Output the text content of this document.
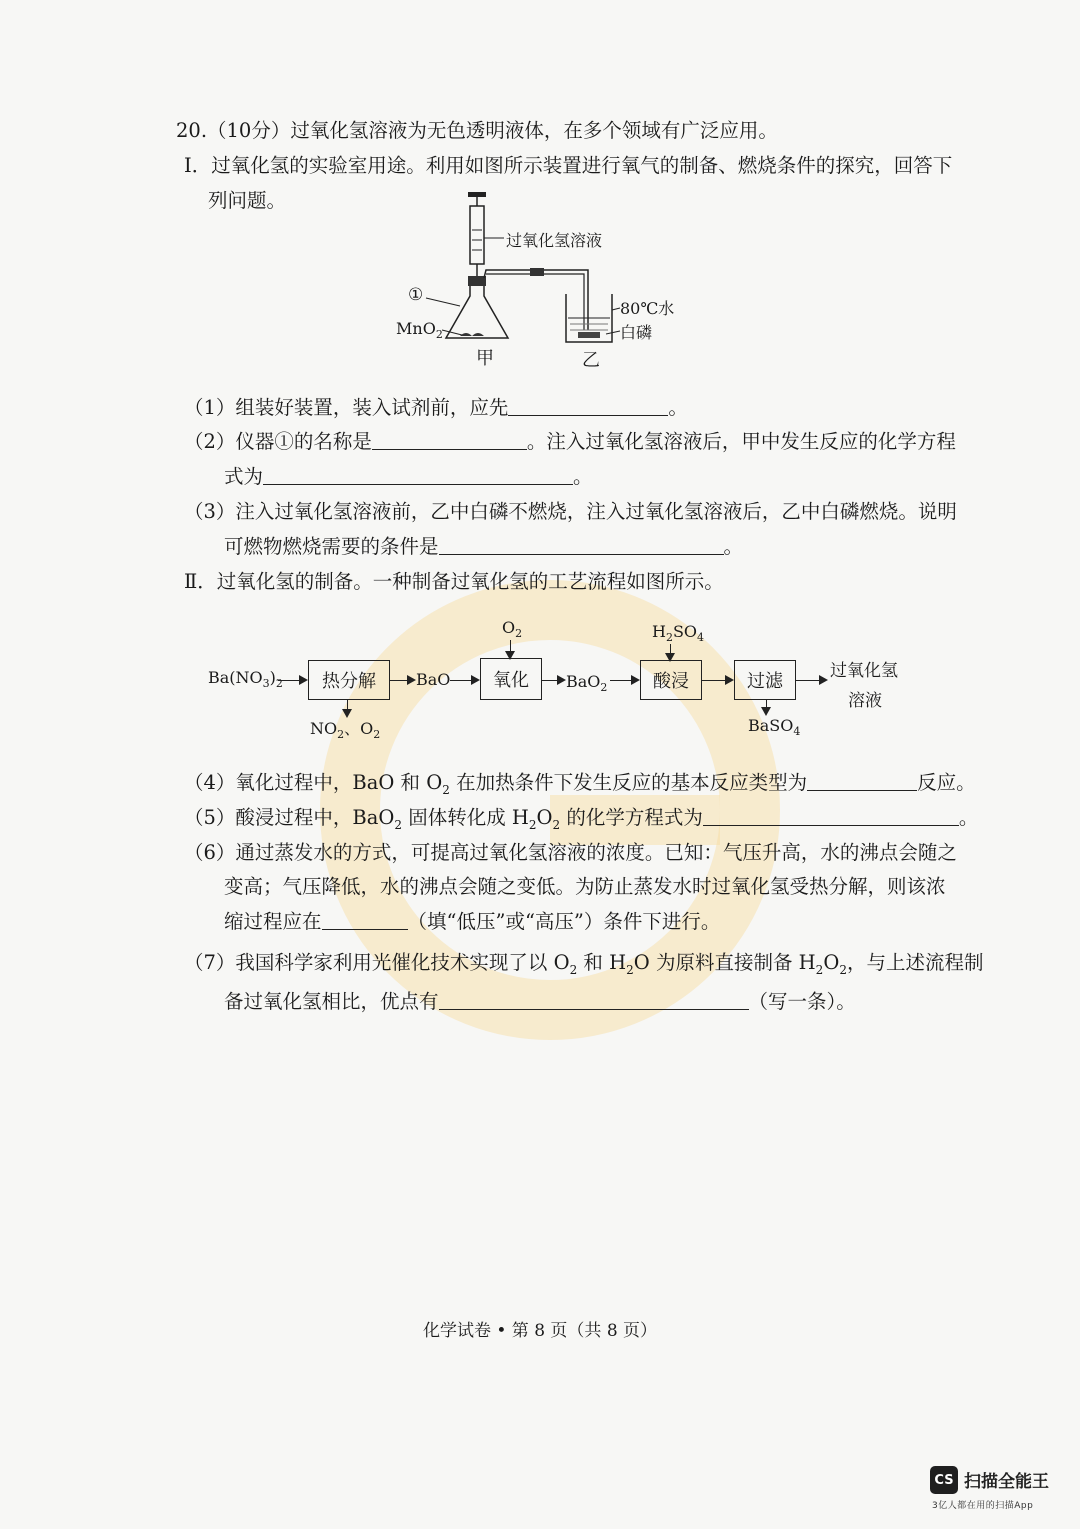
20.（10分）过氧化氢溶液为无色透明液体，在多个领域有广泛应用。
Ⅰ．过氧化氢的实验室用途。利用如图所示装置进行氧气的制备、燃烧条件的探究，回答下
列问题。
过氧化氢溶液
80℃水
白磷
①
MnO$_2$
甲	乙
（1）组装好装置，装入试剂前，应先	。
（2）仪器①的名称是	。注入过氧化氢溶液后，甲中发生反应的化学方程
式为	。
（3）注入过氧化氢溶液前，乙中白磷不燃烧，注入过氧化氢溶液后，乙中白磷燃烧。说明
可燃物燃烧需要的条件是	。
Ⅱ．过氧化氢的制备。一种制备过氧化氢的工艺流程如图所示。
$Ba(NO_3)_2$	热分解
$NO_2$、$O_2$
BaO
$O_2$
氧化	BaO$_2$
$H_2SO_4$
酸浸	过滤
BaSO$_4$
过氧化氢
溶液
（4）氧化过程中，BaO 和 $O_2$ 在加热条件下发生反应的基本反应类型为	反应。
（5）酸浸过程中，BaO$_2$ 固体转化成 $H_2O_2$ 的化学方程式为	。
（6）通过蒸发水的方式，可提高过氧化氢溶液的浓度。已知：气压升高，水的沸点会随之
变高；气压降低，水的沸点会随之变低。为防止蒸发水时过氧化氢受热分解，则该浓
缩过程应在	（填“低压”或“高压”）条件下进行。
（7）我国科学家利用光催化技术实现了以 $O_2$ 和 $H_2O$ 为原料直接制备 $H_2O_2$，与上述流程制
备过氧化氢相比，优点有	（写一条）。
化学试卷 • 第 8 页（共 8 页）
CS 扫描全能王
3亿人都在用的扫描App
